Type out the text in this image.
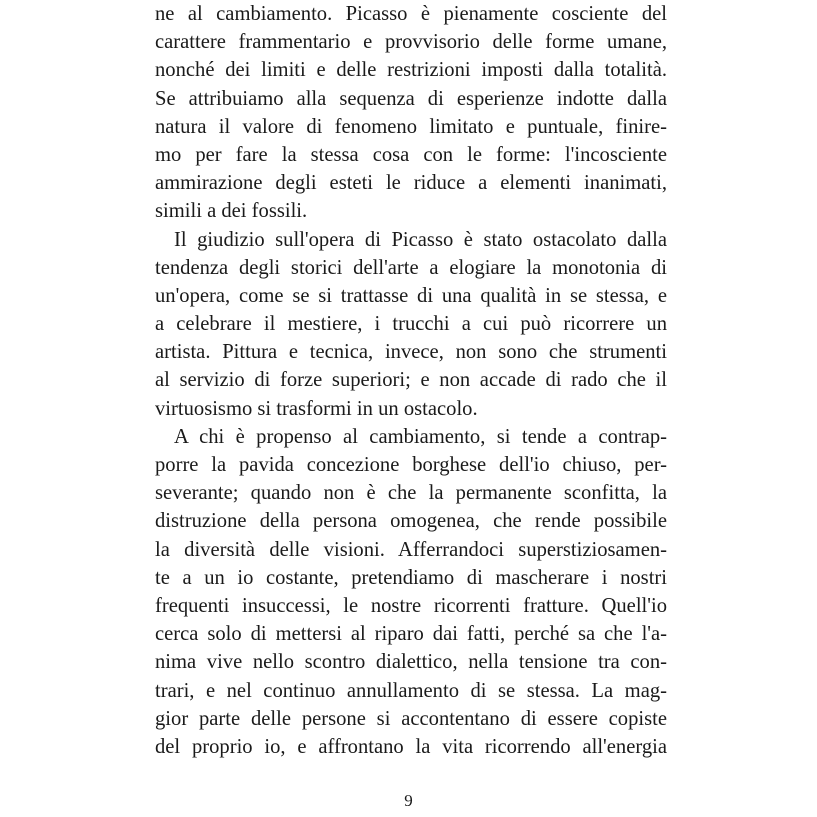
ne al cambiamento. Picasso è pienamente cosciente del
carattere frammentario e provvisorio delle forme umane,
nonché dei limiti e delle restrizioni imposti dalla totalità.
Se attribuiamo alla sequenza di esperienze indotte dalla
natura il valore di fenomeno limitato e puntuale, finire-
mo per fare la stessa cosa con le forme: l'incosciente
ammirazione degli esteti le riduce a elementi inanimati,
simili a dei fossili.
Il giudizio sull'opera di Picasso è stato ostacolato dalla
tendenza degli storici dell'arte a elogiare la monotonia di
un'opera, come se si trattasse di una qualità in se stessa, e
a celebrare il mestiere, i trucchi a cui può ricorrere un
artista. Pittura e tecnica, invece, non sono che strumenti
al servizio di forze superiori; e non accade di rado che il
virtuosismo si trasformi in un ostacolo.
A chi è propenso al cambiamento, si tende a contrap-
porre la pavida concezione borghese dell'io chiuso, per-
severante; quando non è che la permanente sconfitta, la
distruzione della persona omogenea, che rende possibile
la diversità delle visioni. Afferrandoci superstiziosamen-
te a un io costante, pretendiamo di mascherare i nostri
frequenti insuccessi, le nostre ricorrenti fratture. Quell'io
cerca solo di mettersi al riparo dai fatti, perché sa che l'a-
nima vive nello scontro dialettico, nella tensione tra con-
trari, e nel continuo annullamento di se stessa. La mag-
gior parte delle persone si accontentano di essere copiste
del proprio io, e affrontano la vita ricorrendo all'energia
9
